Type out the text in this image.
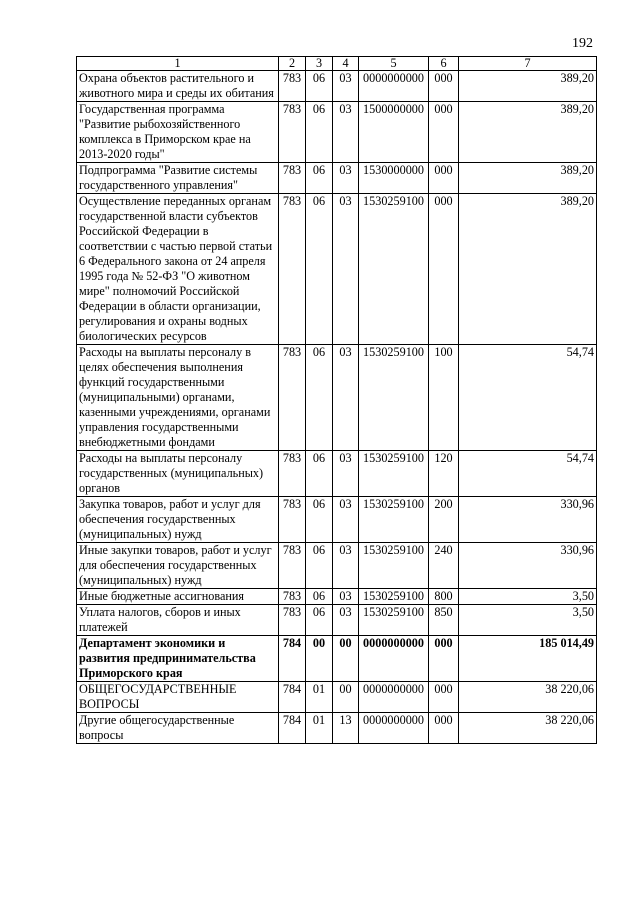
192
1	2	3	4	5	6	7
Охрана объектов растительного и животного мира и среды их обитания	783	06	03	0000000000	000	389,20
Государственная программа "Развитие рыбохозяйственного комплекса в Приморском крае на 2013-2020 годы"	783	06	03	1500000000	000	389,20
Подпрограмма "Развитие системы государственного управления"	783	06	03	1530000000	000	389,20
Осуществление переданных органам государственной власти субъектов Российской Федерации в соответствии с частью первой статьи 6 Федерального закона от 24 апреля 1995 года № 52-ФЗ "О животном мире" полномочий Российской Федерации в области организации, регулирования и охраны водных биологических ресурсов	783	06	03	1530259100	000	389,20
Расходы на выплаты персоналу в целях обеспечения выполнения функций государственными (муниципальными) органами, казенными учреждениями, органами управления государственными внебюджетными фондами	783	06	03	1530259100	100	54,74
Расходы на выплаты персоналу государственных (муниципальных) органов	783	06	03	1530259100	120	54,74
Закупка товаров, работ и услуг для обеспечения государственных (муниципальных) нужд	783	06	03	1530259100	200	330,96
Иные закупки товаров, работ и услуг для обеспечения государственных (муниципальных) нужд	783	06	03	1530259100	240	330,96
Иные бюджетные ассигнования	783	06	03	1530259100	800	3,50
Уплата налогов, сборов и иных платежей	783	06	03	1530259100	850	3,50
Департамент экономики и развития предпринимательства Приморского края	784	00	00	0000000000	000	185 014,49
ОБЩЕГОСУДАРСТВЕННЫЕ ВОПРОСЫ	784	01	00	0000000000	000	38 220,06
Другие общегосударственные вопросы	784	01	13	0000000000	000	38 220,06
